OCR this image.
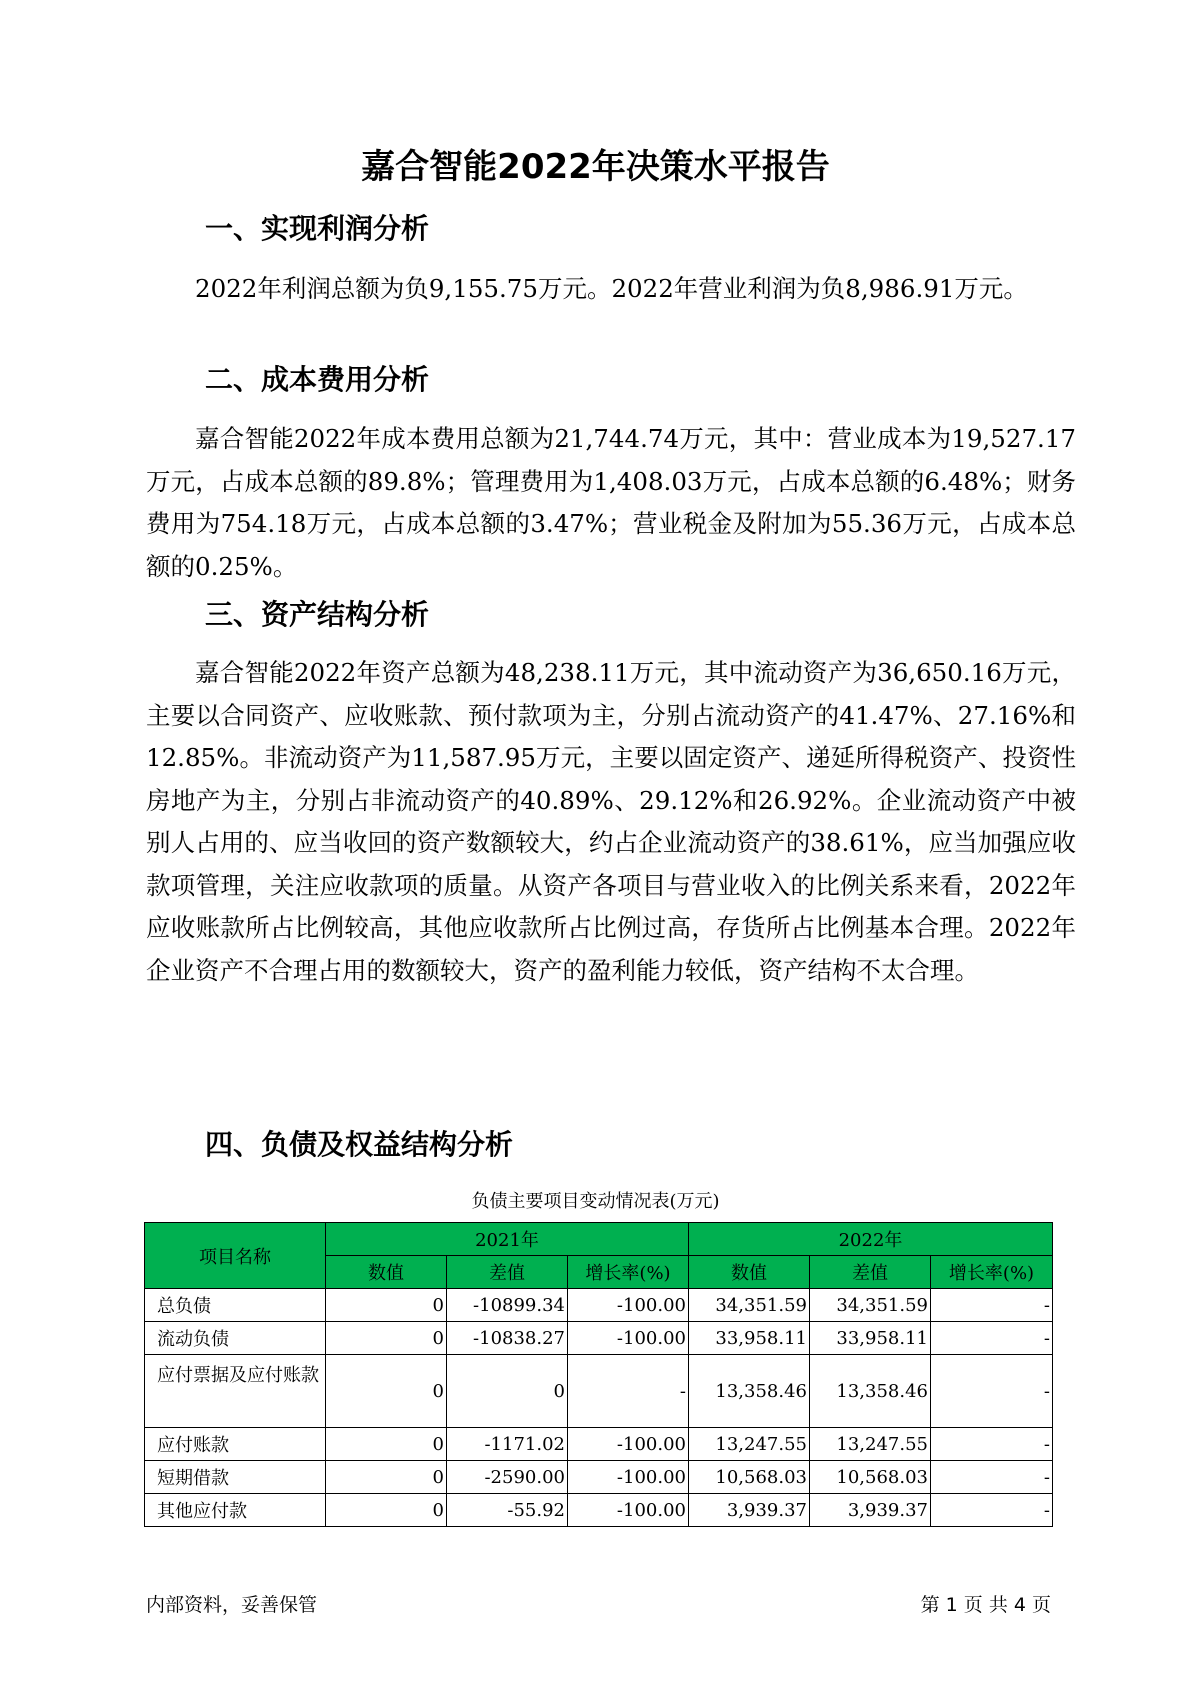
嘉合智能2022年决策水平报告
一、实现利润分析

2022年利润总额为负9,155.75万元。2022年营业利润为负8,986.91万元。

二、成本费用分析

嘉合智能2022年成本费用总额为21,744.74万元，其中：营业成本为19,527.17万元，占成本总额的89.8%；管理费用为1,408.03万元，占成本总额的6.48%；财务费用为754.18万元，占成本总额的3.47%；营业税金及附加为55.36万元，占成本总额的0.25%。

三、资产结构分析

嘉合智能2022年资产总额为48,238.11万元，其中流动资产为36,650.16万元，主要以合同资产、应收账款、预付款项为主，分别占流动资产的41.47%、27.16%和12.85%。非流动资产为11,587.95万元，主要以固定资产、递延所得税资产、投资性房地产为主，分别占非流动资产的40.89%、29.12%和26.92%。企业流动资产中被别人占用的、应当收回的资产数额较大，约占企业流动资产的38.61%，应当加强应收款项管理，关注应收款项的质量。从资产各项目与营业收入的比例关系来看，2022年应收账款所占比例较高，其他应收款所占比例过高，存货所占比例基本合理。2022年企业资产不合理占用的数额较大，资产的盈利能力较低，资产结构不太合理。

四、负债及权益结构分析
负债主要项目变动情况表(万元)
项目名称	2021年			2022年		
	数值	差值	增长率(%)	数值	差值	增长率(%)
总负债	0	-10899.34	-100.00	34,351.59	34,351.59	-
流动负债	0	-10838.27	-100.00	33,958.11	33,958.11	-
应付票据及应付账款	0	0	-	13,358.46	13,358.46	-
应付账款	0	-1171.02	-100.00	13,247.55	13,247.55	-
短期借款	0	-2590.00	-100.00	10,568.03	10,568.03	-
其他应付款	0	-55.92	-100.00	3,939.37	3,939.37	-
内部资料，妥善保管	第 1 页 共 4 页
